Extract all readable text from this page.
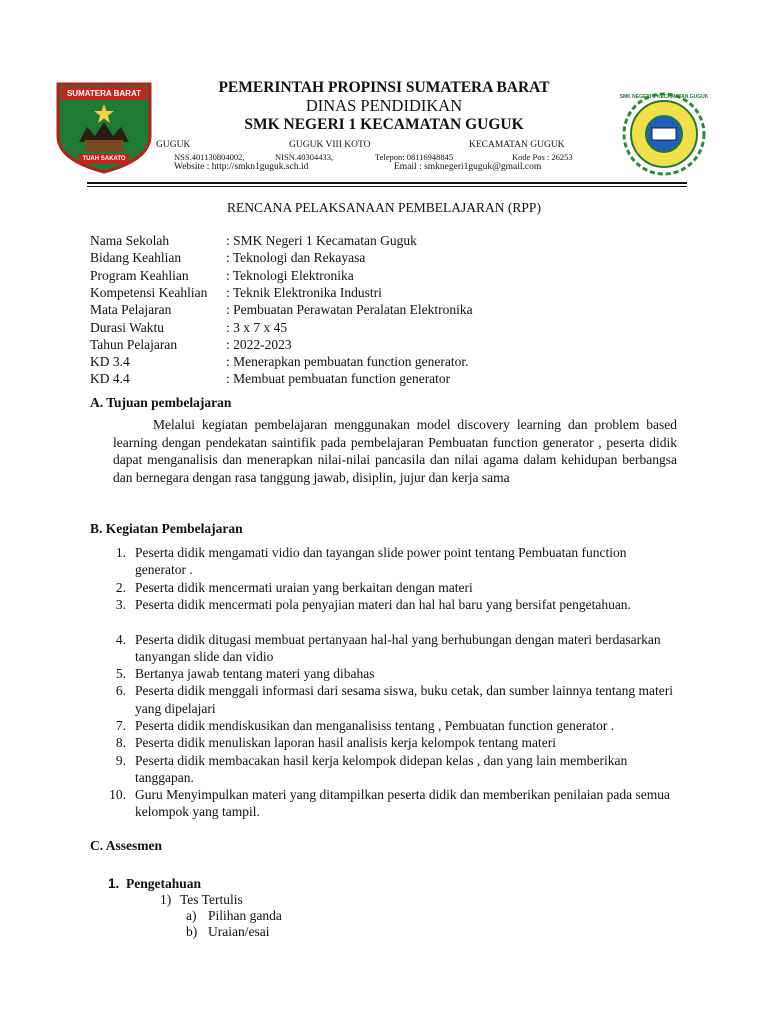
SUMATERA BARAT
TUAH SAKATO
SMK NEGERI 1 KECAMATAN GUGUK
PEMERINTAH PROPINSI SUMATERA BARAT
DINAS PENDIDIKAN
SMK NEGERI 1 KECAMATAN GUGUK
GUGUK	GUGUK VIII KOTO	KECAMATAN GUGUK
NSS.401130804002,	NISN.40304433,	Telepon: 08116948845	Kode Pos : 26253
Website : http://smkn1guguk.sch.id	Email : smknegeri1guguk@gmail.com
RENCANA PELAKSANAAN PEMBELAJARAN (RPP)
Nama Sekolah	: SMK Negeri 1 Kecamatan Guguk
Bidang Keahlian	: Teknologi dan Rekayasa
Program Keahlian	: Teknologi Elektronika
Kompetensi Keahlian : Teknik Elektronika Industri
Mata Pelajaran	: Pembuatan Perawatan Peralatan Elektronika
Durasi Waktu	: 3 x 7 x 45
Tahun Pelajaran	: 2022-2023
KD 3.4	: Menerapkan pembuatan function generator.
KD 4.4	: Membuat pembuatan function generator
A. Tujuan pembelajaran
Melalui kegiatan pembelajaran menggunakan model discovery learning dan problem based learning dengan pendekatan saintifik pada pembelajaran Pembuatan function generator , peserta didik dapat menganalisis dan menerapkan nilai-nilai pancasila dan nilai agama dalam kehidupan berbangsa dan bernegara dengan rasa tanggung jawab, disiplin, jujur dan kerja sama
B. Kegiatan Pembelajaran
1. Peserta didik mengamati vidio dan tayangan slide power point tentang Pembuatan function generator .
2. Peserta didik mencermati uraian yang berkaitan dengan materi
3. Peserta didik mencermati pola penyajian materi dan hal hal baru yang bersifat pengetahuan.
4. Peserta didik ditugasi membuat pertanyaan hal-hal yang berhubungan dengan materi berdasarkan tanyangan slide dan vidio
5. Bertanya jawab tentang materi yang dibahas
6. Peserta didik menggali informasi dari sesama siswa, buku cetak, dan sumber lainnya tentang materi yang dipelajari
7. Peserta didik mendiskusikan dan menganalisiss tentang , Pembuatan function generator .
8. Peserta didik menuliskan laporan hasil analisis kerja kelompok tentang materi
9. Peserta didik membacakan hasil kerja kelompok didepan kelas , dan yang lain memberikan tanggapan.
10. Guru Menyimpulkan materi yang ditampilkan peserta didik dan memberikan penilaian pada semua kelompok yang tampil.
C. Assesmen
1. Pengetahuan
1) Tes Tertulis
a) Pilihan ganda
b) Uraian/esai
